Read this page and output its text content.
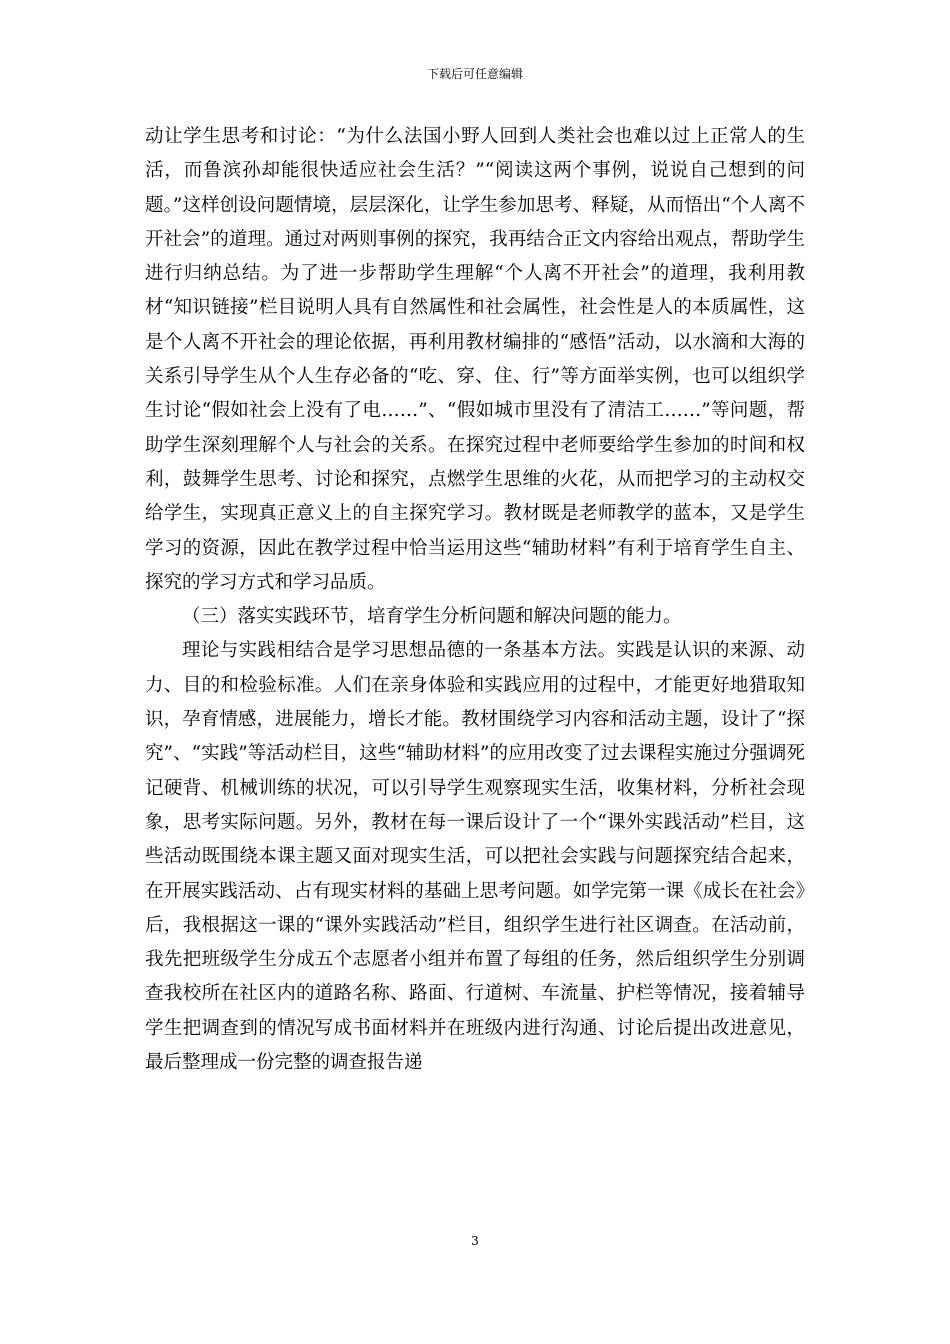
下载后可任意编辑

动让学生思考和讨论：“为什么法国小野人回到人类社会也难以过上正常人的生活，而鲁滨孙却能很快适应社会生活？”“阅读这两个事例，说说自己想到的问题。”这样创设问题情境，层层深化，让学生参加思考、释疑，从而悟出“个人离不开社会”的道理。通过对两则事例的探究，我再结合正文内容给出观点，帮助学生进行归纳总结。为了进一步帮助学生理解“个人离不开社会”的道理，我利用教材“知识链接”栏目说明人具有自然属性和社会属性，社会性是人的本质属性，这是个人离不开社会的理论依据，再利用教材编排的“感悟”活动，以水滴和大海的关系引导学生从个人生存必备的“吃、穿、住、行”等方面举实例，也可以组织学生讨论“假如社会上没有了电……”、“假如城市里没有了清洁工……”等问题，帮助学生深刻理解个人与社会的关系。在探究过程中老师要给学生参加的时间和权利，鼓舞学生思考、讨论和探究，点燃学生思维的火花，从而把学习的主动权交给学生，实现真正意义上的自主探究学习。教材既是老师教学的蓝本，又是学生学习的资源，因此在教学过程中恰当运用这些“辅助材料”有利于培育学生自主、探究的学习方式和学习品质。

（三）落实实践环节，培育学生分析问题和解决问题的能力。

理论与实践相结合是学习思想品德的一条基本方法。实践是认识的来源、动力、目的和检验标准。人们在亲身体验和实践应用的过程中，才能更好地猎取知识，孕育情感，进展能力，增长才能。教材围绕学习内容和活动主题，设计了“探究”、“实践”等活动栏目，这些“辅助材料”的应用改变了过去课程实施过分强调死记硬背、机械训练的状况，可以引导学生观察现实生活，收集材料，分析社会现象，思考实际问题。另外，教材在每一课后设计了一个“课外实践活动”栏目，这些活动既围绕本课主题又面对现实生活，可以把社会实践与问题探究结合起来，在开展实践活动、占有现实材料的基础上思考问题。如学完第一课《成长在社会》后，我根据这一课的“课外实践活动”栏目，组织学生进行社区调查。在活动前，我先把班级学生分成五个志愿者小组并布置了每组的任务，然后组织学生分别调查我校所在社区内的道路名称、路面、行道树、车流量、护栏等情况，接着辅导学生把调查到的情况写成书面材料并在班级内进行沟通、讨论后提出改进意见，最后整理成一份完整的调查报告递

3
